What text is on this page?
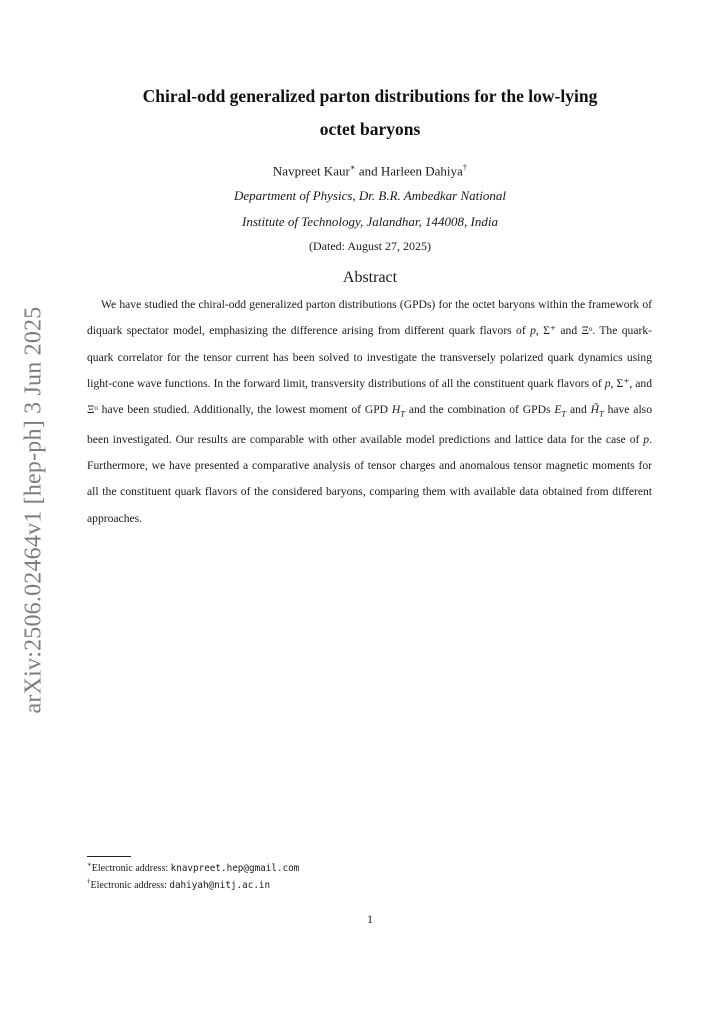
arXiv:2506.02464v1 [hep-ph] 3 Jun 2025
Chiral-odd generalized parton distributions for the low-lying
octet baryons
Navpreet Kaur∗ and Harleen Dahiya†
Department of Physics, Dr. B.R. Ambedkar National
Institute of Technology, Jalandhar, 144008, India
(Dated: August 27, 2025)
Abstract
We have studied the chiral-odd generalized parton distributions (GPDs) for the octet baryons within the framework of diquark spectator model, emphasizing the difference arising from different quark flavors of p, Σ⁺ and Ξᵒ. The quark-quark correlator for the tensor current has been solved to investigate the transversely polarized quark dynamics using light-cone wave functions. In the forward limit, transversity distributions of all the constituent quark flavors of p, Σ⁺, and Ξᵒ have been studied. Additionally, the lowest moment of GPD $H_T$ and the combination of GPDs $E_T$ and $H̃_T$ have also been investigated. Our results are comparable with other available model predictions and lattice data for the case of p. Furthermore, we have presented a comparative analysis of tensor charges and anomalous tensor magnetic moments for all the constituent quark flavors of the considered baryons, comparing them with available data obtained from different approaches.
∗Electronic address: knavpreet.hep@gmail.com
†Electronic address: dahiyah@nitj.ac.in
1
